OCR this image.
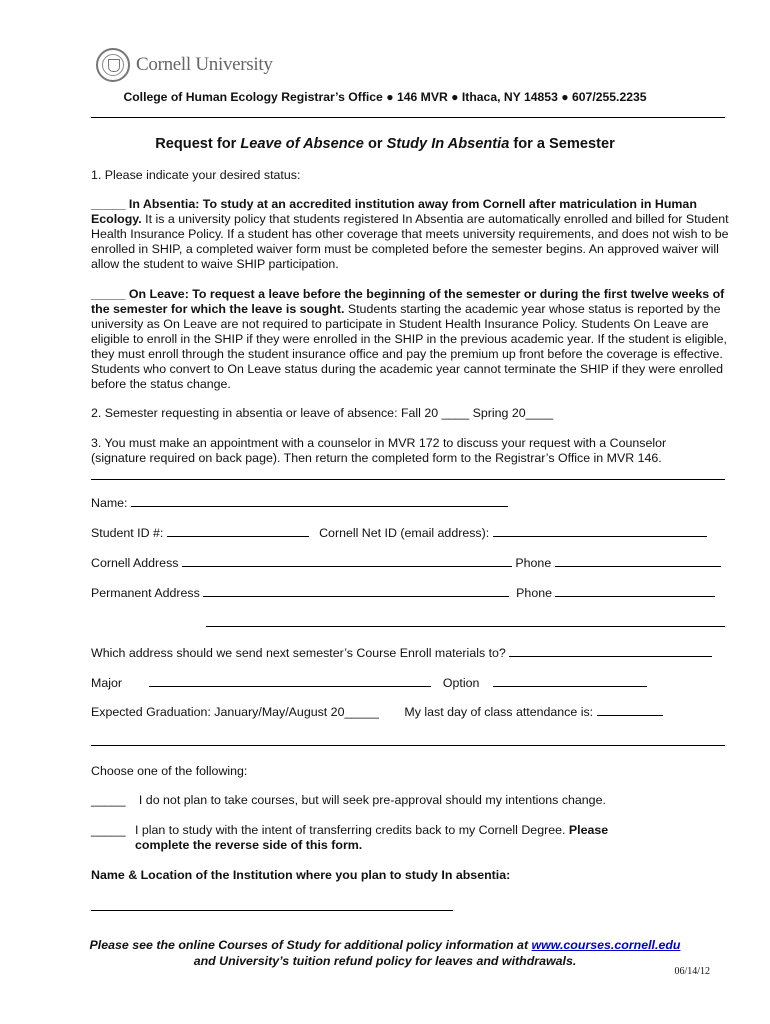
Cornell University
College of Human Ecology Registrar’s Office ● 146 MVR ● Ithaca, NY 14853 ● 607/255.2235
Request for Leave of Absence or Study In Absentia for a Semester
1. Please indicate your desired status:
_____ In Absentia: To study at an accredited institution away from Cornell after matriculation in Human Ecology. It is a university policy that students registered In Absentia are automatically enrolled and billed for Student Health Insurance Policy. If a student has other coverage that meets university requirements, and does not wish to be enrolled in SHIP, a completed waiver form must be completed before the semester begins. An approved waiver will allow the student to waive SHIP participation.
_____ On Leave: To request a leave before the beginning of the semester or during the first twelve weeks of the semester for which the leave is sought. Students starting the academic year whose status is reported by the university as On Leave are not required to participate in Student Health Insurance Policy. Students On Leave are eligible to enroll in the SHIP if they were enrolled in the SHIP in the previous academic year. If the student is eligible, they must enroll through the student insurance office and pay the premium up front before the coverage is effective. Students who convert to On Leave status during the academic year cannot terminate the SHIP if they were enrolled before the status change.
2. Semester requesting in absentia or leave of absence: Fall 20 ____ Spring 20____
3. You must make an appointment with a counselor in MVR 172 to discuss your request with a Counselor (signature required on back page). Then return the completed form to the Registrar’s Office in MVR 146.
Name:
Student ID #:	Cornell Net ID (email address):
Cornell Address	Phone
Permanent Address	Phone
Which address should we send next semester’s Course Enroll materials to?
Major	Option
Expected Graduation: January/May/August 20_____ My last day of class attendance is:
Choose one of the following:
_____ I do not plan to take courses, but will seek pre-approval should my intentions change.
_____ I plan to study with the intent of transferring credits back to my Cornell Degree. Please complete the reverse side of this form.
Name & Location of the Institution where you plan to study In absentia:
Please see the online Courses of Study for additional policy information at www.courses.cornell.edu
and University’s tuition refund policy for leaves and withdrawals.
06/14/12
